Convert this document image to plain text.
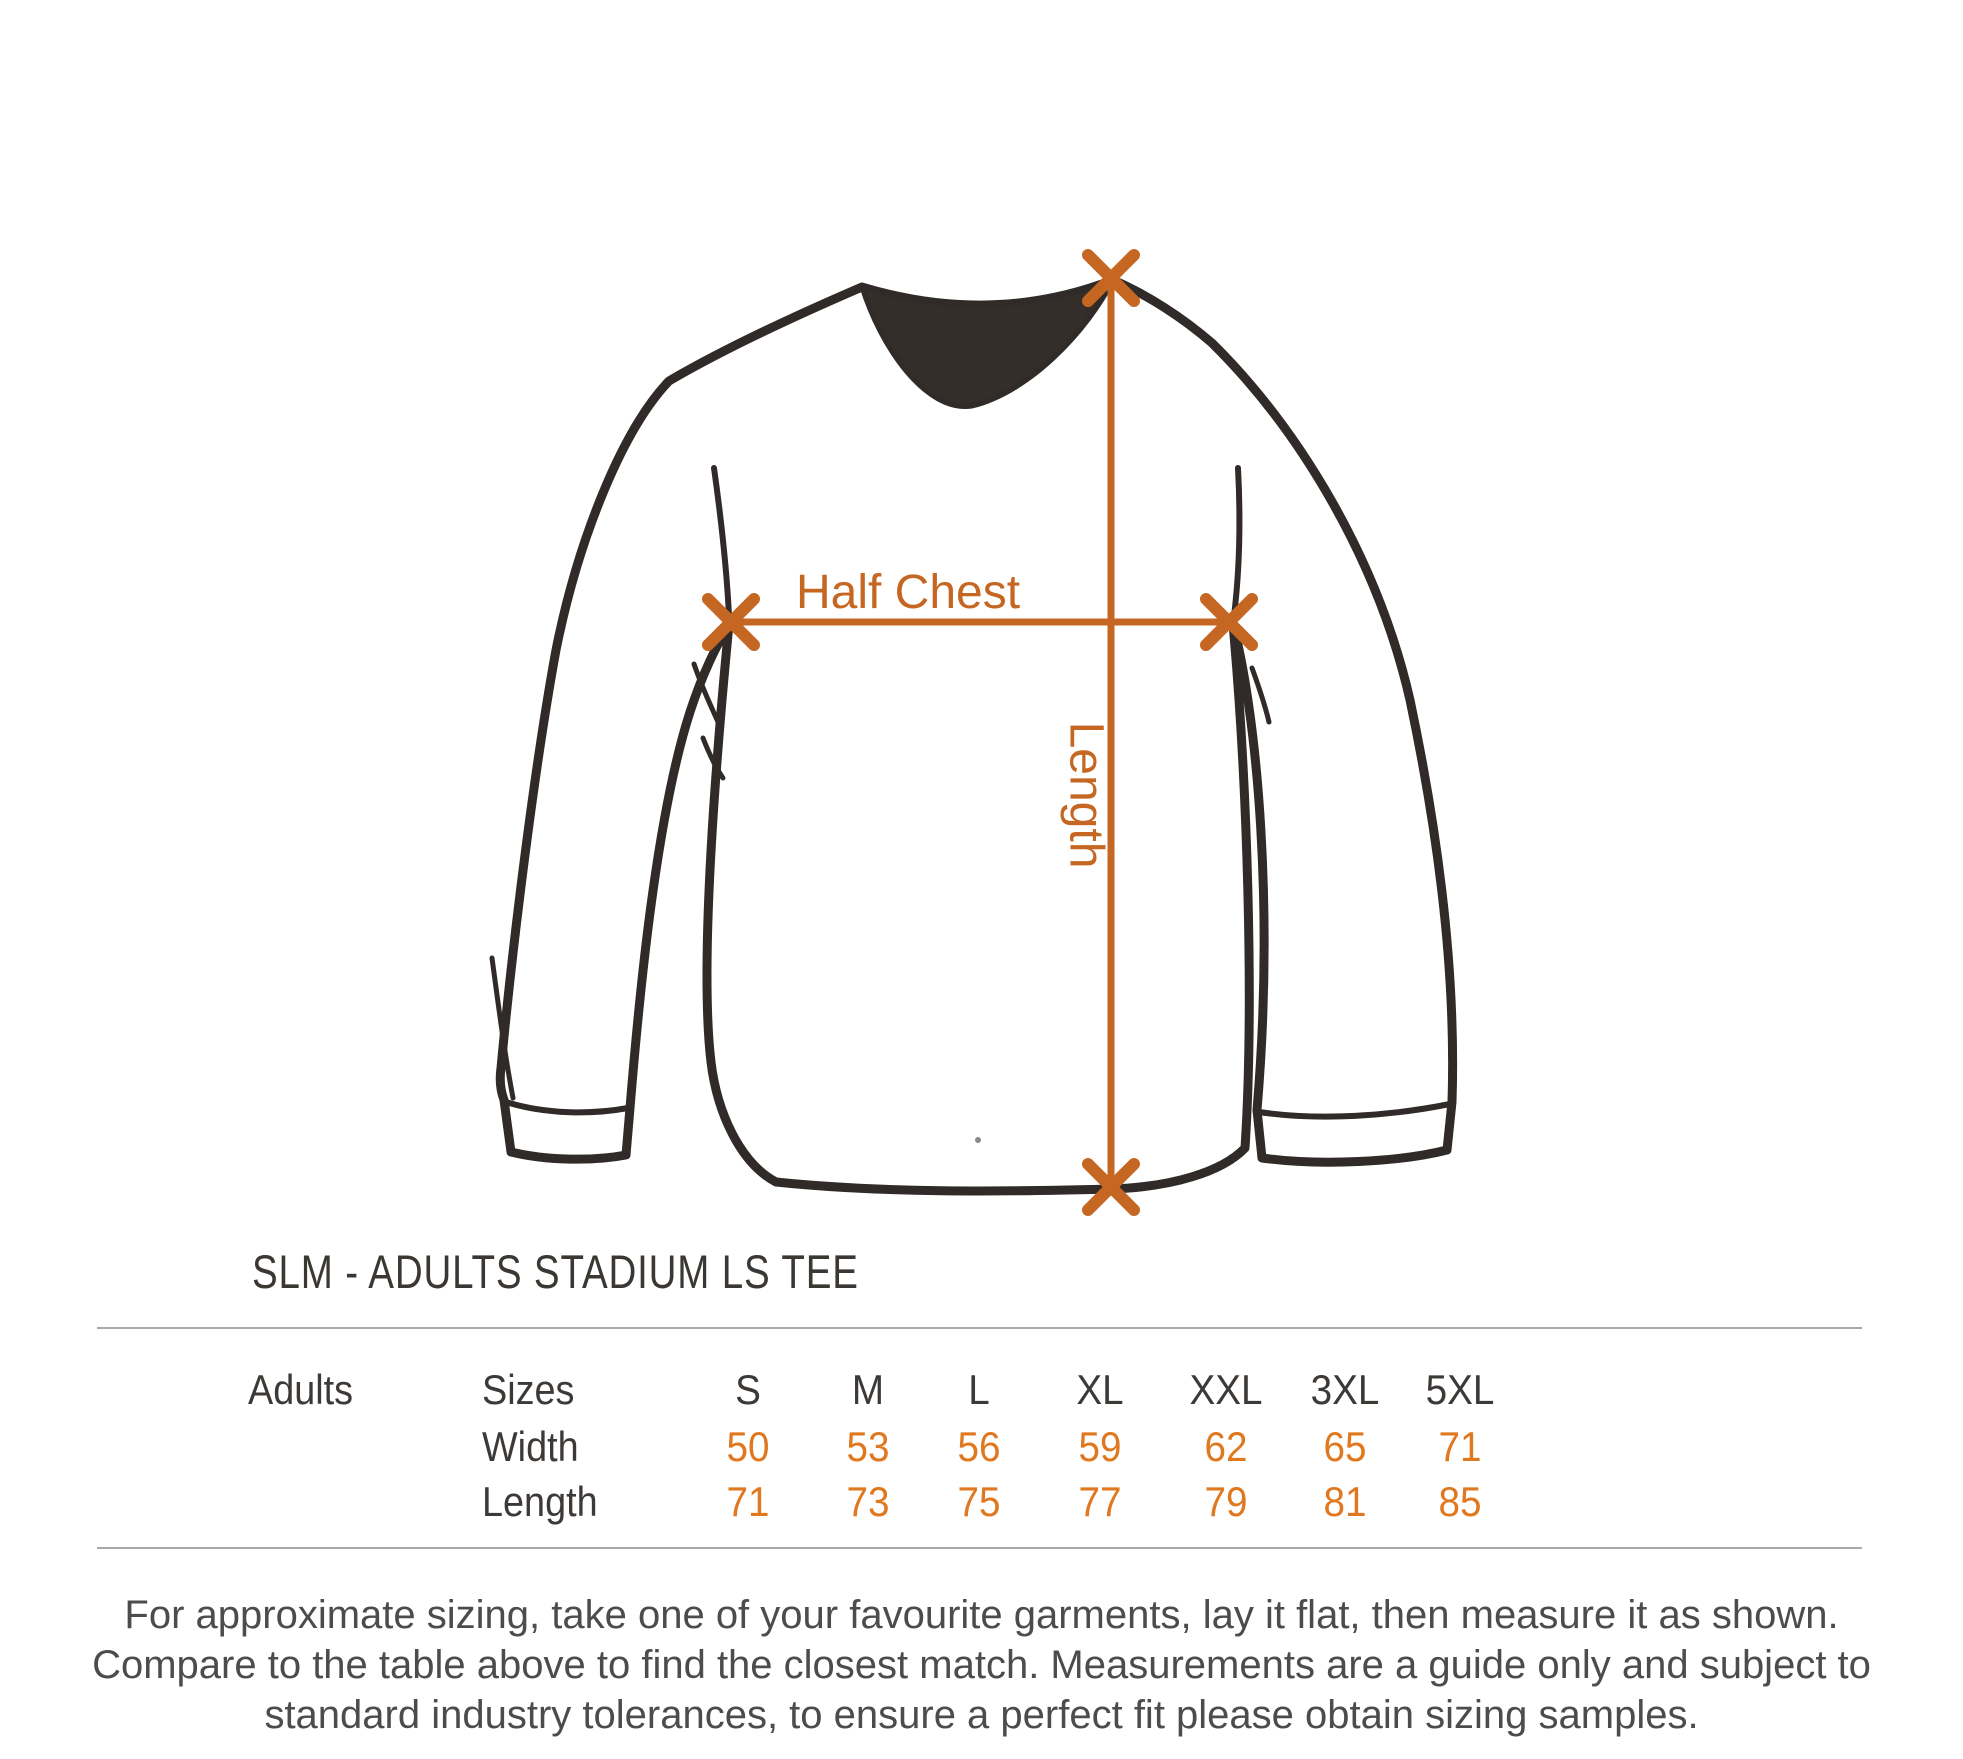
Half Chest
Length
SLM - ADULTS STADIUM LS TEE
Adults	Sizes	S	M	L	XL	XXL	3XL	5XL
Width	50	53	56	59	62	65	71
Length	71	73	75	77	79	81	85
For approximate sizing, take one of your favourite garments, lay it flat, then measure it as shown.
Compare to the table above to find the closest match. Measurements are a guide only and subject to
standard industry tolerances, to ensure a perfect fit please obtain sizing samples.
